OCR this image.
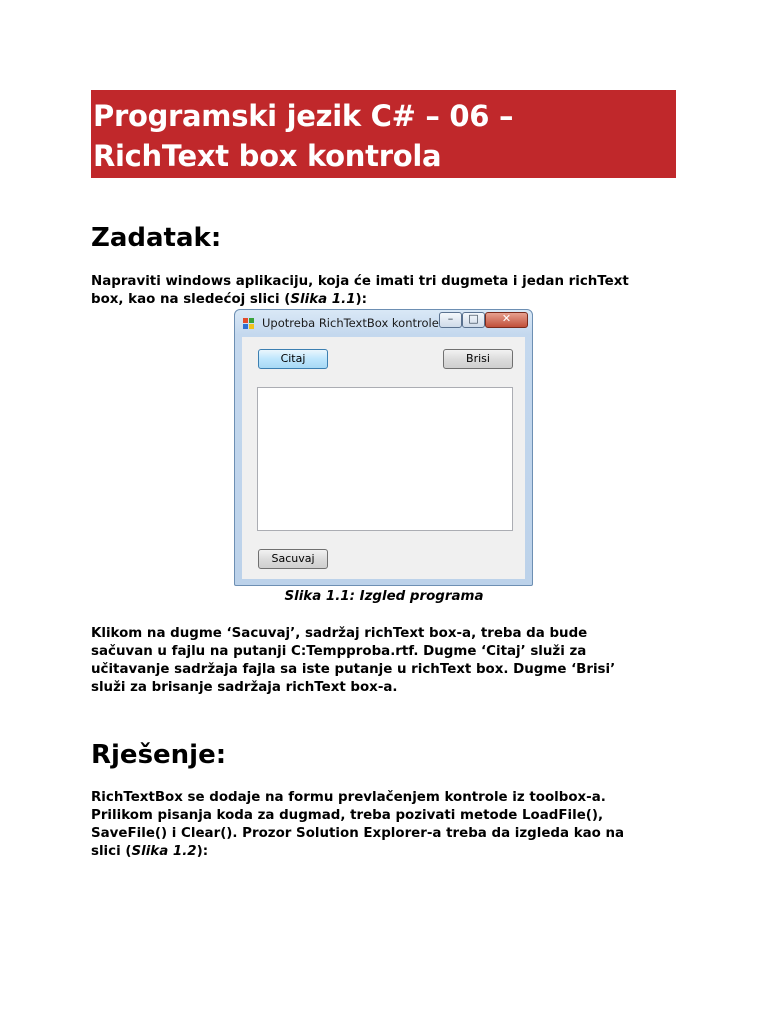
Programski jezik C# – 06 –
RichText box kontrola
Zadatak:
Napraviti windows aplikaciju, koja će imati tri dugmeta i jedan richText
box, kao na sledećoj slici (Slika 1.1):
Upotreba RichTextBox kontrole –	□	✕
Citaj	Brisi
Sacuvaj
Slika 1.1: Izgled programa
Klikom na dugme ‘Sacuvaj’, sadržaj richText box-a, treba da bude
sačuvan u fajlu na putanji C:Tempproba.rtf. Dugme ‘Citaj’ služi za
učitavanje sadržaja fajla sa iste putanje u richText box. Dugme ‘Brisi’
služi za brisanje sadržaja richText box-a.
Rješenje:
RichTextBox se dodaje na formu prevlačenjem kontrole iz toolbox-a.
Prilikom pisanja koda za dugmad, treba pozivati metode LoadFile(),
SaveFile() i Clear(). Prozor Solution Explorer-a treba da izgleda kao na
slici (Slika 1.2):
